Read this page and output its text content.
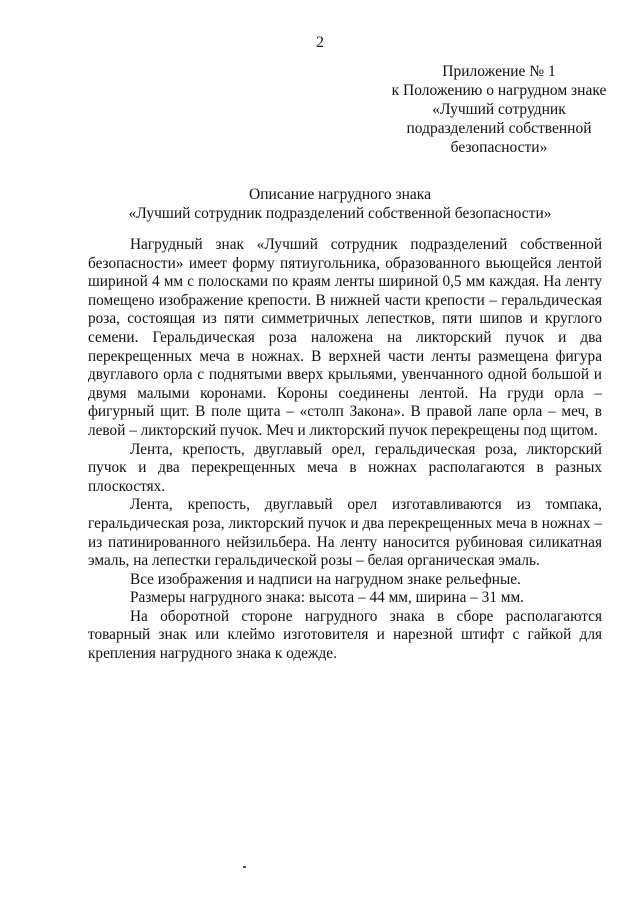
2
Приложение № 1
к Положению о нагрудном знаке
«Лучший сотрудник
подразделений собственной
безопасности»
Описание нагрудного знака
«Лучший сотрудник подразделений собственной безопасности»

Нагрудный знак «Лучший сотрудник подразделений собственной безопасности» имеет форму пятиугольника, образованного вьющейся лентой шириной 4 мм с полосками по краям ленты шириной 0,5 мм каждая. На ленту помещено изображение крепости. В нижней части крепости – геральдическая роза, состоящая из пяти симметричных лепестков, пяти шипов и круглого семени. Геральдическая роза наложена на ликторский пучок и два перекрещенных меча в ножнах. В верхней части ленты размещена фигура двуглавого орла с поднятыми вверх крыльями, увенчанного одной большой и двумя малыми коронами. Короны соединены лентой. На груди орла – фигурный щит. В поле щита – «столп Закона». В правой лапе орла – меч, в левой – ликторский пучок. Меч и ликторский пучок перекрещены под щитом.

Лента, крепость, двуглавый орел, геральдическая роза, ликторский пучок и два перекрещенных меча в ножнах располагаются в разных плоскостях.

Лента, крепость, двуглавый орел изготавливаются из томпака, геральдическая роза, ликторский пучок и два перекрещенных меча в ножнах – из патинированного нейзильбера. На ленту наносится рубиновая силикатная эмаль, на лепестки геральдической розы – белая органическая эмаль.

Все изображения и надписи на нагрудном знаке рельефные.

Размеры нагрудного знака: высота – 44 мм, ширина – 31 мм.

На оборотной стороне нагрудного знака в сборе располагаются товарный знак или клеймо изготовителя и нарезной штифт с гайкой для крепления нагрудного знака к одежде.
